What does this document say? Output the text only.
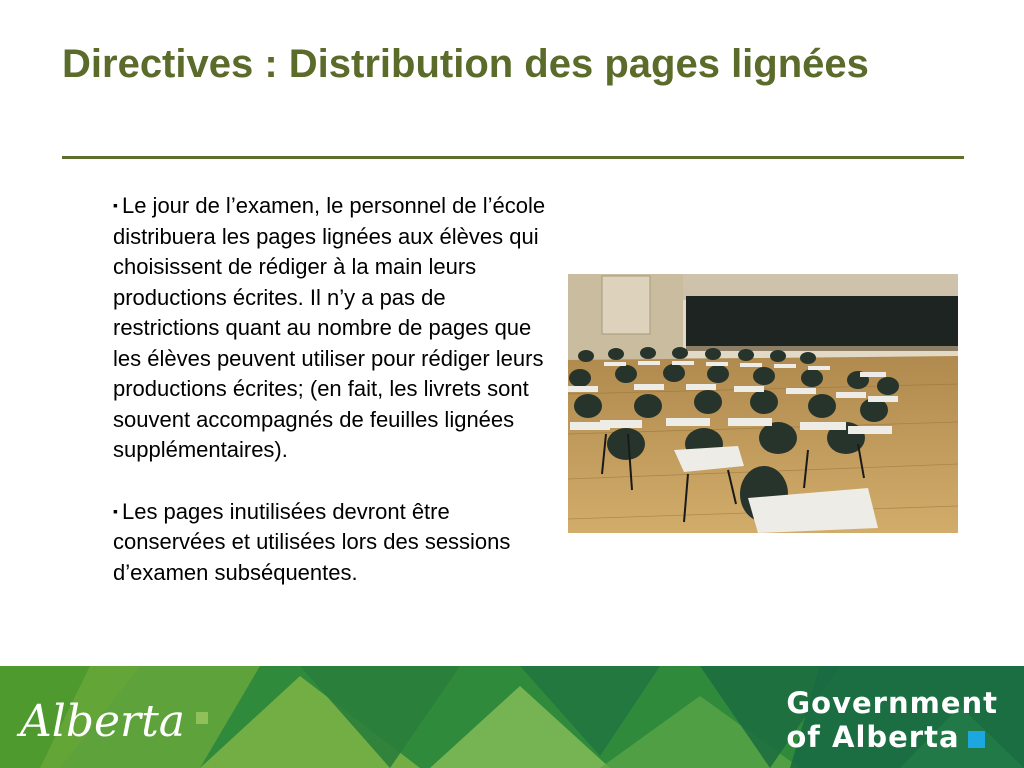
Directives : Distribution des pages lignées

▪ Le jour de l’examen, le personnel de l’école distribuera les pages lignées aux élèves qui choisissent de rédiger à la main leurs productions écrites. Il n’y a pas de restrictions quant au nombre de pages que les élèves peuvent utiliser pour rédiger leurs productions écrites; (en fait, les livrets sont souvent accompagnés de feuilles lignées supplémentaires).

▪ Les pages inutilisées devront être conservées et utilisées lors des sessions d’examen subséquentes.

Alberta	Government
of Alberta
